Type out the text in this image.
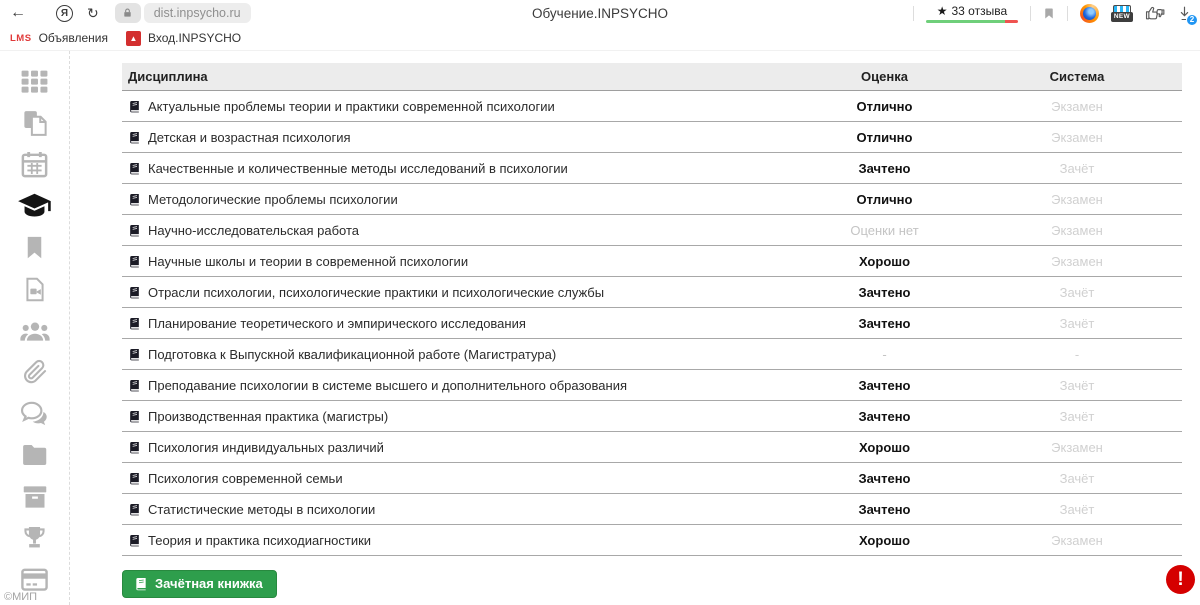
←	Я	↻	dist.inpsycho.ru	Обучение.INPSYCHO	★ 33 отзыва	NEW	2
LMS Объявления	▲ Вход.INPSYCHO
©МИП
Дисциплина	Оценка	Система
Актуальные проблемы теории и практики современной психологии	Отлично	Экзамен
Детская и возрастная психология	Отлично	Экзамен
Качественные и количественные методы исследований в психологии	Зачтено	Зачёт
Методологические проблемы психологии	Отлично	Экзамен
Научно-исследовательская работа	Оценки нет	Экзамен
Научные школы и теории в современной психологии	Хорошо	Экзамен
Отрасли психологии, психологические практики и психологические службы	Зачтено	Зачёт
Планирование теоретического и эмпирического исследования	Зачтено	Зачёт
Подготовка к Выпускной квалификационной работе (Магистратура)	-	-
Преподавание психологии в системе высшего и дополнительного образования	Зачтено	Зачёт
Производственная практика (магистры)	Зачтено	Зачёт
Психология индивидуальных различий	Хорошо	Экзамен
Психология современной семьи	Зачтено	Зачёт
Статистические методы в психологии	Зачтено	Зачёт
Теория и практика психодиагностики	Хорошо	Экзамен
Зачётная книжка	!
